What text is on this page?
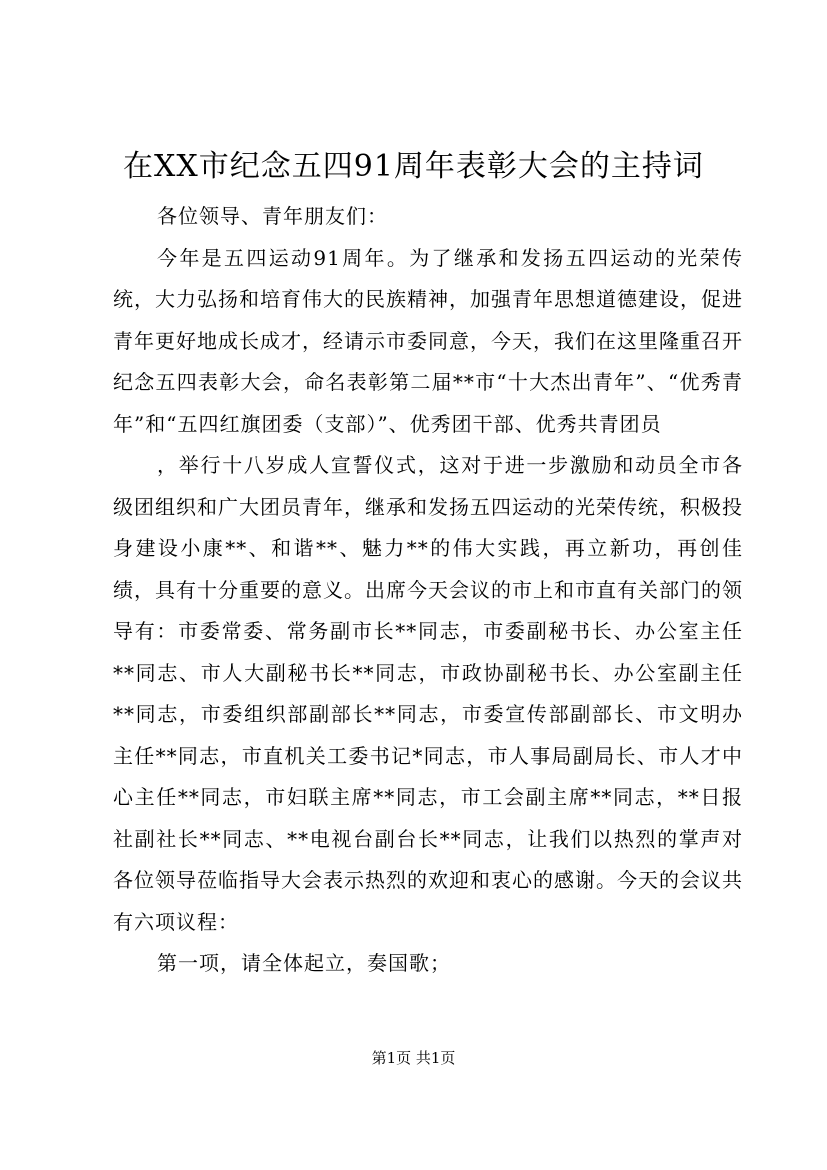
在XX市纪念五四91周年表彰大会的主持词

各位领导、青年朋友们：

今年是五四运动91周年。为了继承和发扬五四运动的光荣传统，大力弘扬和培育伟大的民族精神，加强青年思想道德建设，促进青年更好地成长成才，经请示市委同意，今天，我们在这里隆重召开纪念五四表彰大会，命名表彰第二届**市“十大杰出青年”、“优秀青年”和“五四红旗团委（支部）”、优秀团干部、优秀共青团员

，举行十八岁成人宣誓仪式，这对于进一步激励和动员全市各级团组织和广大团员青年，继承和发扬五四运动的光荣传统，积极投身建设小康**、和谐**、魅力**的伟大实践，再立新功，再创佳绩，具有十分重要的意义。出席今天会议的市上和市直有关部门的领导有：市委常委、常务副市长**同志，市委副秘书长、办公室主任**同志、市人大副秘书长**同志，市政协副秘书长、办公室副主任**同志，市委组织部副部长**同志，市委宣传部副部长、市文明办主任**同志，市直机关工委书记*同志，市人事局副局长、市人才中心主任**同志，市妇联主席**同志，市工会副主席**同志，**日报社副社长**同志、**电视台副台长**同志，让我们以热烈的掌声对各位领导莅临指导大会表示热烈的欢迎和衷心的感谢。今天的会议共有六项议程：

第一项，请全体起立，奏国歌；

第1页 共1页
